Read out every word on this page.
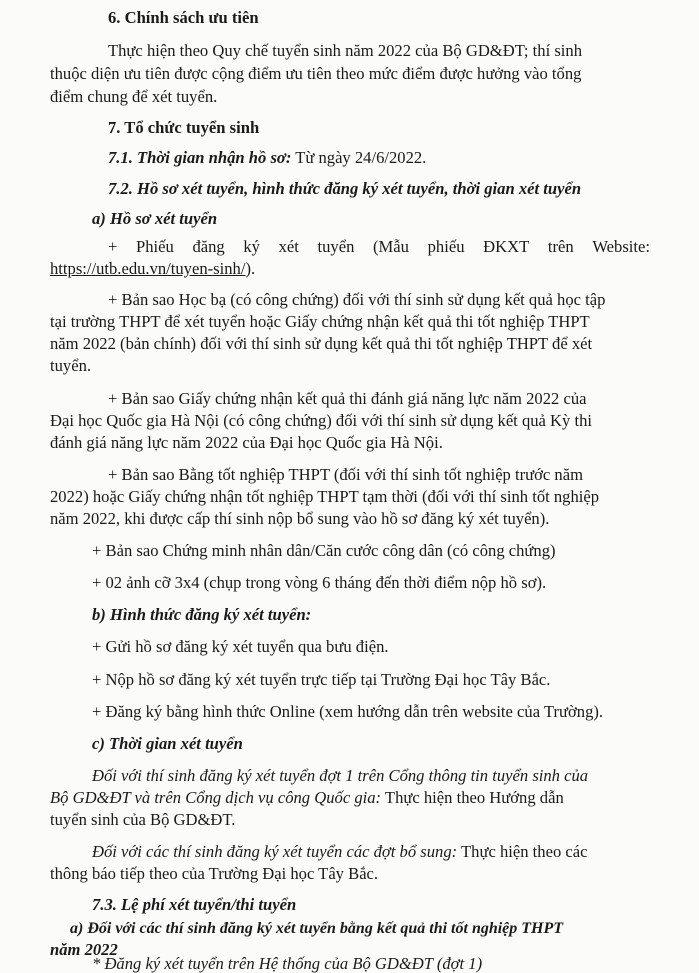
6. Chính sách ưu tiên
Thực hiện theo Quy chế tuyển sinh năm 2022 của Bộ GD&ĐT; thí sinh
thuộc diện ưu tiên được cộng điểm ưu tiên theo mức điểm được hưởng vào tổng
điểm chung để xét tuyển.
7. Tổ chức tuyển sinh
7.1. Thời gian nhận hồ sơ: Từ ngày 24/6/2022.
7.2. Hồ sơ xét tuyển, hình thức đăng ký xét tuyển, thời gian xét tuyển
a) Hồ sơ xét tuyển
+ Phiếu đăng ký xét tuyển (Mẫu phiếu ĐKXT trên Website:
https://utb.edu.vn/tuyen-sinh/).
+ Bản sao Học bạ (có công chứng) đối với thí sinh sử dụng kết quả học tập
tại trường THPT để xét tuyển hoặc Giấy chứng nhận kết quả thi tốt nghiệp THPT
năm 2022 (bản chính) đối với thí sinh sử dụng kết quả thi tốt nghiệp THPT để xét
tuyển.
+ Bản sao Giấy chứng nhận kết quả thi đánh giá năng lực năm 2022 của
Đại học Quốc gia Hà Nội (có công chứng) đối với thí sinh sử dụng kết quả Kỳ thi
đánh giá năng lực năm 2022 của Đại học Quốc gia Hà Nội.
+ Bản sao Bằng tốt nghiệp THPT (đối với thí sinh tốt nghiệp trước năm
2022) hoặc Giấy chứng nhận tốt nghiệp THPT tạm thời (đối với thí sinh tốt nghiệp
năm 2022, khi được cấp thí sinh nộp bổ sung vào hồ sơ đăng ký xét tuyển).
+ Bản sao Chứng minh nhân dân/Căn cước công dân (có công chứng)
+ 02 ảnh cỡ 3x4 (chụp trong vòng 6 tháng đến thời điểm nộp hồ sơ).
b) Hình thức đăng ký xét tuyển:
+ Gửi hồ sơ đăng ký xét tuyển qua bưu điện.
+ Nộp hồ sơ đăng ký xét tuyển trực tiếp tại Trường Đại học Tây Bắc.
+ Đăng ký bằng hình thức Online (xem hướng dẫn trên website của Trường).
c) Thời gian xét tuyển
Đối với thí sinh đăng ký xét tuyển đợt 1 trên Cổng thông tin tuyển sinh của
Bộ GD&ĐT và trên Cổng dịch vụ công Quốc gia: Thực hiện theo Hướng dẫn
tuyển sinh của Bộ GD&ĐT.
Đối với các thí sinh đăng ký xét tuyển các đợt bổ sung: Thực hiện theo các
thông báo tiếp theo của Trường Đại học Tây Bắc.
7.3. Lệ phí xét tuyển/thi tuyển
a) Đối với các thí sinh đăng ký xét tuyển bằng kết quả thi tốt nghiệp THPT
năm 2022
* Đăng ký xét tuyển trên Hệ thống của Bộ GD&ĐT (đợt 1)
